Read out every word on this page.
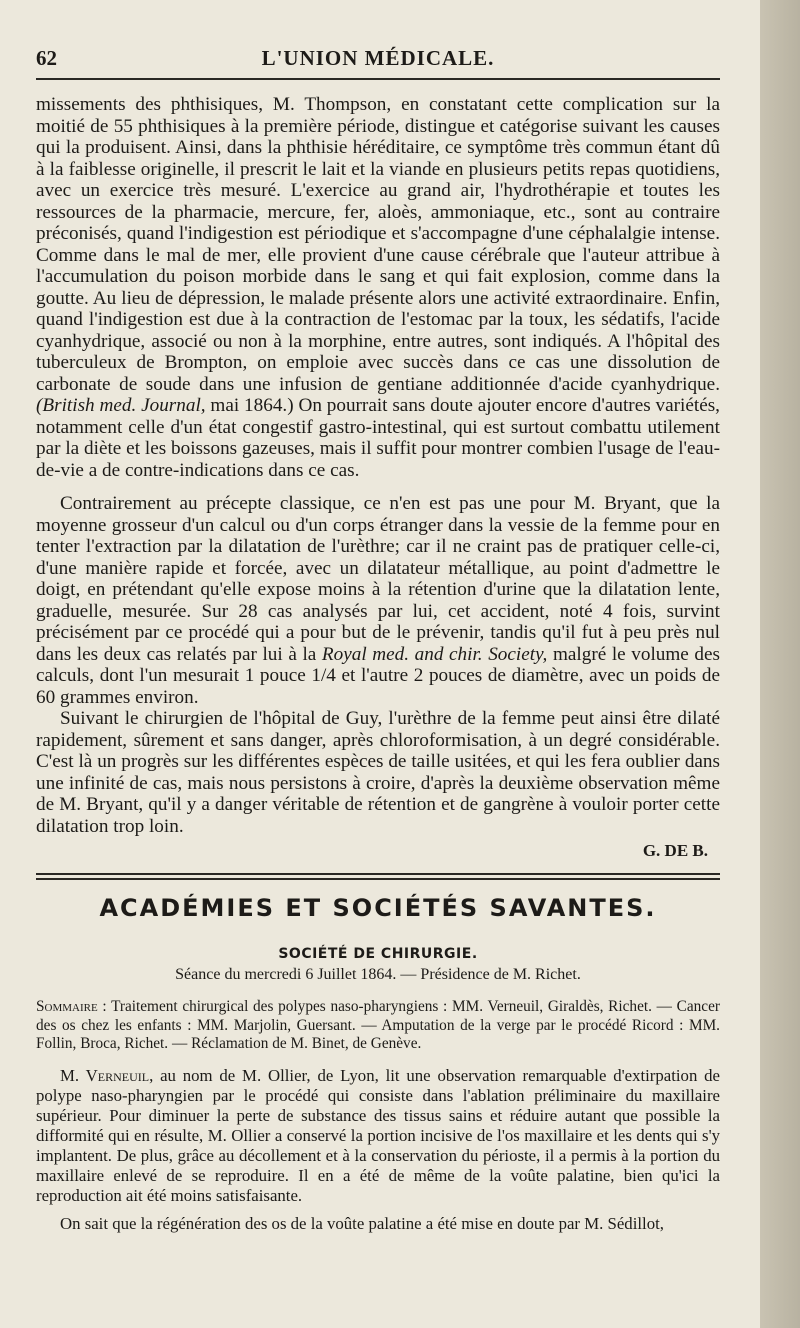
62	L'UNION MÉDICALE.

missements des phthisiques, M. Thompson, en constatant cette complication sur la moitié de 55 phthisiques à la première période, distingue et catégorise suivant les causes qui la produisent. Ainsi, dans la phthisie héréditaire, ce symptôme très commun étant dû à la faiblesse originelle, il prescrit le lait et la viande en plusieurs petits repas quotidiens, avec un exercice très mesuré. L'exercice au grand air, l'hydrothérapie et toutes les ressources de la pharmacie, mercure, fer, aloès, ammoniaque, etc., sont au contraire préconisés, quand l'indigestion est périodique et s'accompagne d'une céphalalgie intense. Comme dans le mal de mer, elle provient d'une cause cérébrale que l'auteur attribue à l'accumulation du poison morbide dans le sang et qui fait explosion, comme dans la goutte. Au lieu de dépression, le malade présente alors une activité extraordinaire. Enfin, quand l'indigestion est due à la contraction de l'estomac par la toux, les sédatifs, l'acide cyanhydrique, associé ou non à la morphine, entre autres, sont indiqués. A l'hôpital des tuberculeux de Brompton, on emploie avec succès dans ce cas une dissolution de carbonate de soude dans une infusion de gentiane additionnée d'acide cyanhydrique. (British med. Journal, mai 1864.) On pourrait sans doute ajouter encore d'autres variétés, notamment celle d'un état congestif gastro-intestinal, qui est surtout combattu utilement par la diète et les boissons gazeuses, mais il suffit pour montrer combien l'usage de l'eau-de-vie a de contre-indications dans ce cas.

Contrairement au précepte classique, ce n'en est pas une pour M. Bryant, que la moyenne grosseur d'un calcul ou d'un corps étranger dans la vessie de la femme pour en tenter l'extraction par la dilatation de l'urèthre; car il ne craint pas de pratiquer celle-ci, d'une manière rapide et forcée, avec un dilatateur métallique, au point d'admettre le doigt, en prétendant qu'elle expose moins à la rétention d'urine que la dilatation lente, graduelle, mesurée. Sur 28 cas analysés par lui, cet accident, noté 4 fois, survint précisément par ce procédé qui a pour but de le prévenir, tandis qu'il fut à peu près nul dans les deux cas relatés par lui à la Royal med. and chir. Society, malgré le volume des calculs, dont l'un mesurait 1 pouce 1/4 et l'autre 2 pouces de diamètre, avec un poids de 60 grammes environ.

Suivant le chirurgien de l'hôpital de Guy, l'urèthre de la femme peut ainsi être dilaté rapidement, sûrement et sans danger, après chloroformisation, à un degré considérable. C'est là un progrès sur les différentes espèces de taille usitées, et qui les fera oublier dans une infinité de cas, mais nous persistons à croire, d'après la deuxième observation même de M. Bryant, qu'il y a danger véritable de rétention et de gangrène à vouloir porter cette dilatation trop loin.

G. DE B.
ACADÉMIES ET SOCIÉTÉS SAVANTES.
SOCIÉTÉ DE CHIRURGIE.
Séance du mercredi 6 Juillet 1864. — Présidence de M. Richet.
Sommaire : Traitement chirurgical des polypes naso-pharyngiens : MM. Verneuil, Giraldès, Richet. — Cancer des os chez les enfants : MM. Marjolin, Guersant. — Amputation de la verge par le procédé Ricord : MM. Follin, Broca, Richet. — Réclamation de M. Binet, de Genève.

M. Verneuil, au nom de M. Ollier, de Lyon, lit une observation remarquable d'extirpation de polype naso-pharyngien par le procédé qui consiste dans l'ablation préliminaire du maxillaire supérieur. Pour diminuer la perte de substance des tissus sains et réduire autant que possible la difformité qui en résulte, M. Ollier a conservé la portion incisive de l'os maxillaire et les dents qui s'y implantent. De plus, grâce au décollement et à la conservation du périoste, il a permis à la portion du maxillaire enlevé de se reproduire. Il en a été de même de la voûte palatine, bien qu'ici la reproduction ait été moins satisfaisante.

On sait que la régénération des os de la voûte palatine a été mise en doute par M. Sédillot,
